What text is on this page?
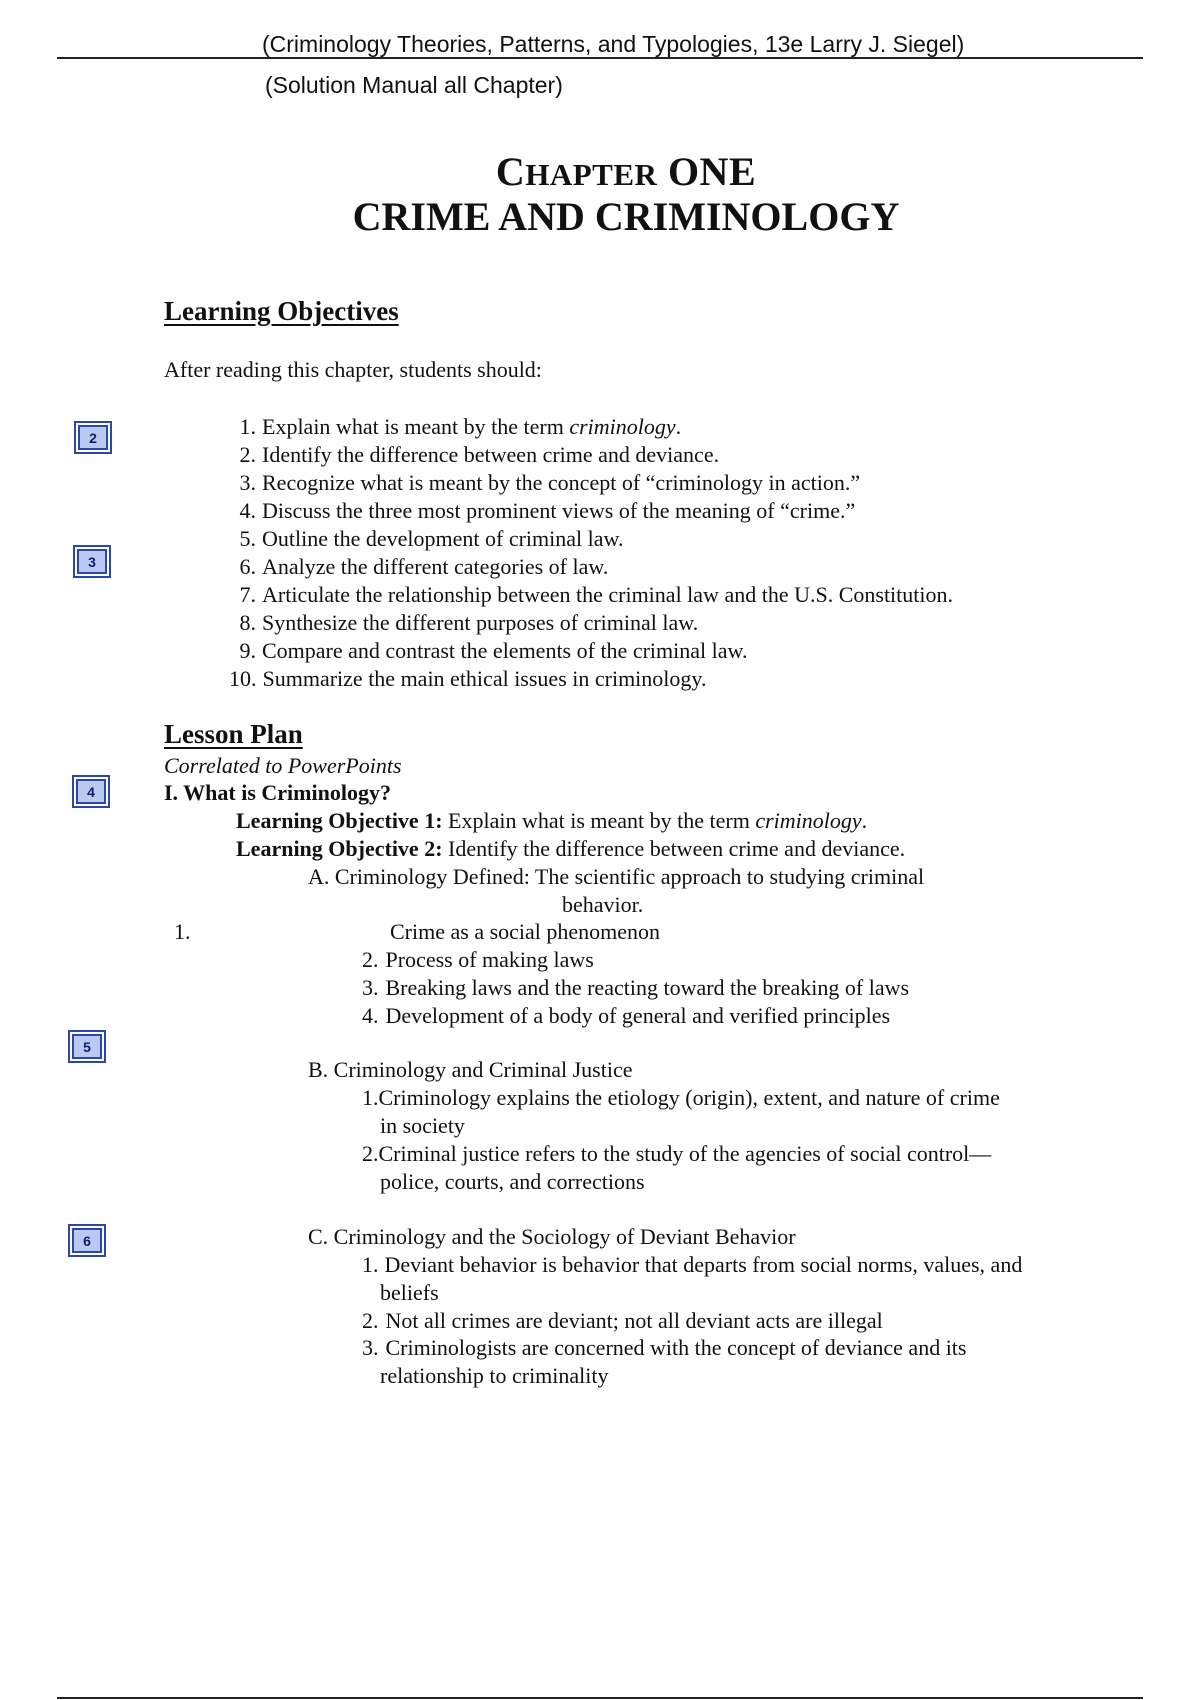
(Criminology Theories, Patterns, and Typologies, 13e Larry J. Siegel)
(Solution Manual all Chapter)
CHAPTER ONE
CRIME AND CRIMINOLOGY
Learning Objectives
After reading this chapter, students should:
1. Explain what is meant by the term criminology.
2. Identify the difference between crime and deviance.
3. Recognize what is meant by the concept of “criminology in action.”
4. Discuss the three most prominent views of the meaning of “crime.”
5. Outline the development of criminal law.
6. Analyze the different categories of law.
7. Articulate the relationship between the criminal law and the U.S. Constitution.
8. Synthesize the different purposes of criminal law.
9. Compare and contrast the elements of the criminal law.
10. Summarize the main ethical issues in criminology.
Lesson Plan
Correlated to PowerPoints
I. What is Criminology?
Learning Objective 1: Explain what is meant by the term criminology.
Learning Objective 2: Identify the difference between crime and deviance.
A. Criminology Defined: The scientific approach to studying criminal
behavior.
1.	Crime as a social phenomenon
2. Process of making laws
3. Breaking laws and the reacting toward the breaking of laws
4. Development of a body of general and verified principles
B. Criminology and Criminal Justice
1.Criminology explains the etiology (origin), extent, and nature of crime
in society
2.Criminal justice refers to the study of the agencies of social control—
police, courts, and corrections
C. Criminology and the Sociology of Deviant Behavior
1. Deviant behavior is behavior that departs from social norms, values, and
beliefs
2. Not all crimes are deviant; not all deviant acts are illegal
3. Criminologists are concerned with the concept of deviance and its
relationship to criminality
2
3
4
5
6
